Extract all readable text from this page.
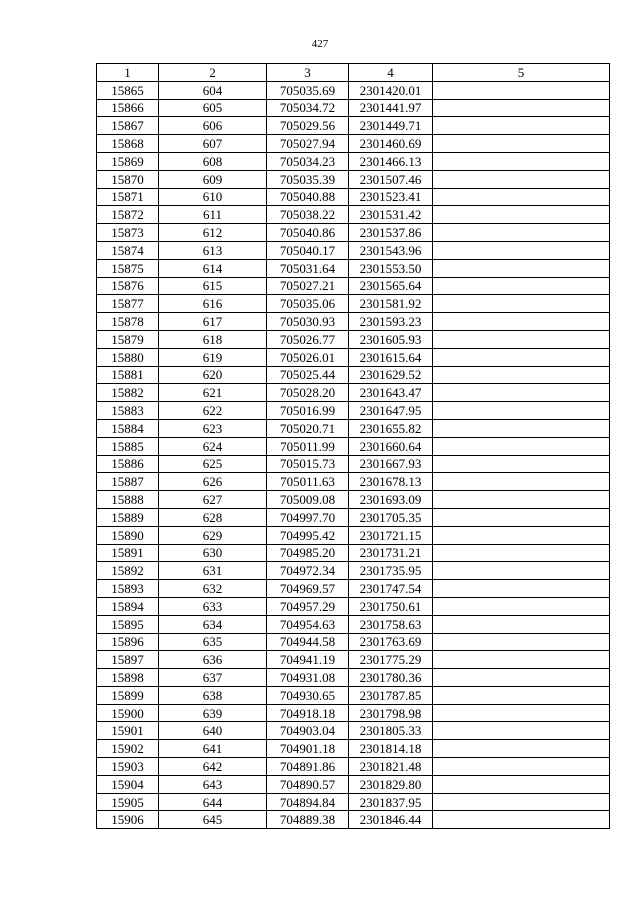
427
1	2	3	4	5
15865	604	705035.69	2301420.01	
15866	605	705034.72	2301441.97	
15867	606	705029.56	2301449.71	
15868	607	705027.94	2301460.69	
15869	608	705034.23	2301466.13	
15870	609	705035.39	2301507.46	
15871	610	705040.88	2301523.41	
15872	611	705038.22	2301531.42	
15873	612	705040.86	2301537.86	
15874	613	705040.17	2301543.96	
15875	614	705031.64	2301553.50	
15876	615	705027.21	2301565.64	
15877	616	705035.06	2301581.92	
15878	617	705030.93	2301593.23	
15879	618	705026.77	2301605.93	
15880	619	705026.01	2301615.64	
15881	620	705025.44	2301629.52	
15882	621	705028.20	2301643.47	
15883	622	705016.99	2301647.95	
15884	623	705020.71	2301655.82	
15885	624	705011.99	2301660.64	
15886	625	705015.73	2301667.93	
15887	626	705011.63	2301678.13	
15888	627	705009.08	2301693.09	
15889	628	704997.70	2301705.35	
15890	629	704995.42	2301721.15	
15891	630	704985.20	2301731.21	
15892	631	704972.34	2301735.95	
15893	632	704969.57	2301747.54	
15894	633	704957.29	2301750.61	
15895	634	704954.63	2301758.63	
15896	635	704944.58	2301763.69	
15897	636	704941.19	2301775.29	
15898	637	704931.08	2301780.36	
15899	638	704930.65	2301787.85	
15900	639	704918.18	2301798.98	
15901	640	704903.04	2301805.33	
15902	641	704901.18	2301814.18	
15903	642	704891.86	2301821.48	
15904	643	704890.57	2301829.80	
15905	644	704894.84	2301837.95	
15906	645	704889.38	2301846.44	
